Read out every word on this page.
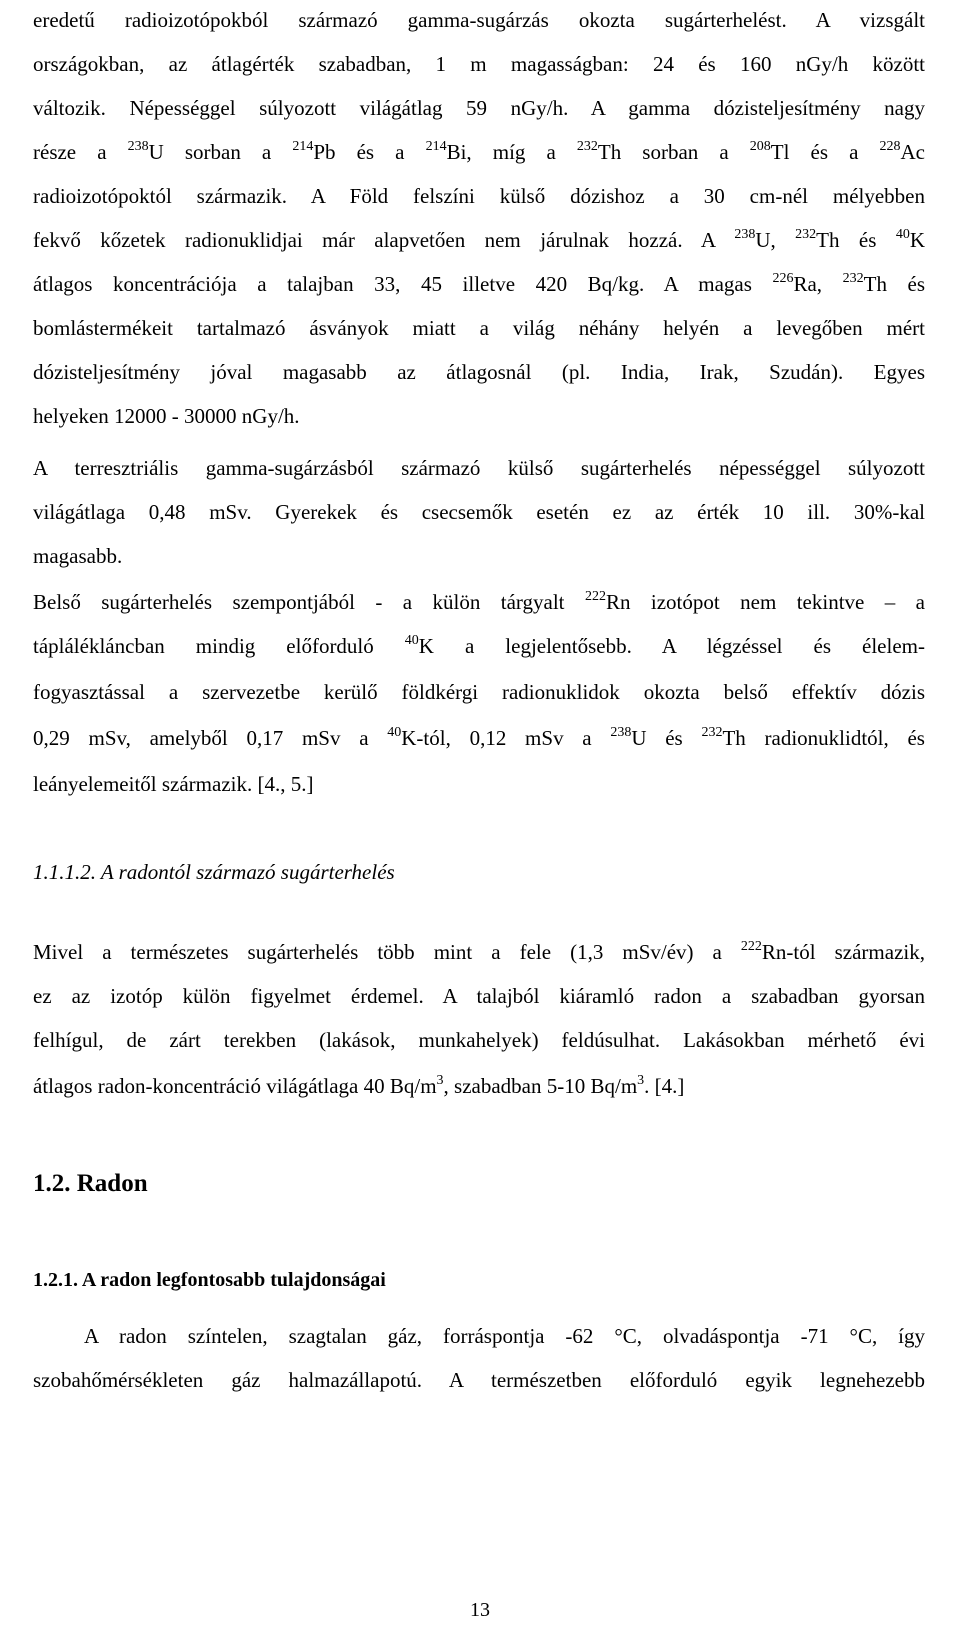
13
eredetű radioizotópokból származó gamma-sugárzás okozta sugárterhelést. A vizsgált
országokban, az átlagérték szabadban, 1 m magasságban: 24 és 160 nGy/h között
változik. Népességgel súlyozott világátlag 59 nGy/h. A gamma dózisteljesítmény nagy
része a $^{238}$U sorban a $^{214}$Pb és a $^{214}$Bi, míg a $^{232}$Th sorban a $^{208}$Tl és a $^{228}$Ac
radioizotópoktól származik. A Föld felszíni külső dózishoz a 30 cm-nél mélyebben
fekvő kőzetek radionuklidjai már alapvetően nem járulnak hozzá. A $^{238}$U, $^{232}$Th és $^{40}$K
átlagos koncentrációja a talajban 33, 45 illetve 420 Bq/kg. A magas $^{226}$Ra, $^{232}$Th és
bomlástermékeit tartalmazó ásványok miatt a világ néhány helyén a levegőben mért
dózisteljesítmény jóval magasabb az átlagosnál (pl. India, Irak, Szudán). Egyes
helyeken 12000 - 30000 nGy/h.
A terresztriális gamma-sugárzásból származó külső sugárterhelés népességgel súlyozott
világátlaga 0,48 mSv. Gyerekek és csecsemők esetén ez az érték 10 ill. 30%-kal
magasabb.
Belső sugárterhelés szempontjából - a külön tárgyalt $^{222}$Rn izotópot nem tekintve – a
táplálékláncban mindig előforduló $^{40}$K a legjelentősebb. A légzéssel és élelem-
fogyasztással a szervezetbe kerülő földkérgi radionuklidok okozta belső effektív dózis
0,29 mSv, amelyből 0,17 mSv a $^{40}$K-tól, 0,12 mSv a $^{238}$U és $^{232}$Th radionuklidtól, és
leányelemeitől származik. [4., 5.]
1.1.1.2. A radontól származó sugárterhelés
Mivel a természetes sugárterhelés több mint a fele (1,3 mSv/év) a $^{222}$Rn-tól származik,
ez az izotóp külön figyelmet érdemel. A talajból kiáramló radon a szabadban gyorsan
felhígul, de zárt terekben (lakások, munkahelyek) feldúsulhat. Lakásokban mérhető évi
átlagos radon-koncentráció világátlaga 40 $Bq/m^3$, szabadban 5-10 $Bq/m^3$. [4.]
1.2. Radon
1.2.1. A radon legfontosabb tulajdonságai
A radon színtelen, szagtalan gáz, forráspontja -62 °C, olvadáspontja -71 °C, így
szobahőmérsékleten gáz halmazállapotú. A természetben előforduló egyik legnehezebb
